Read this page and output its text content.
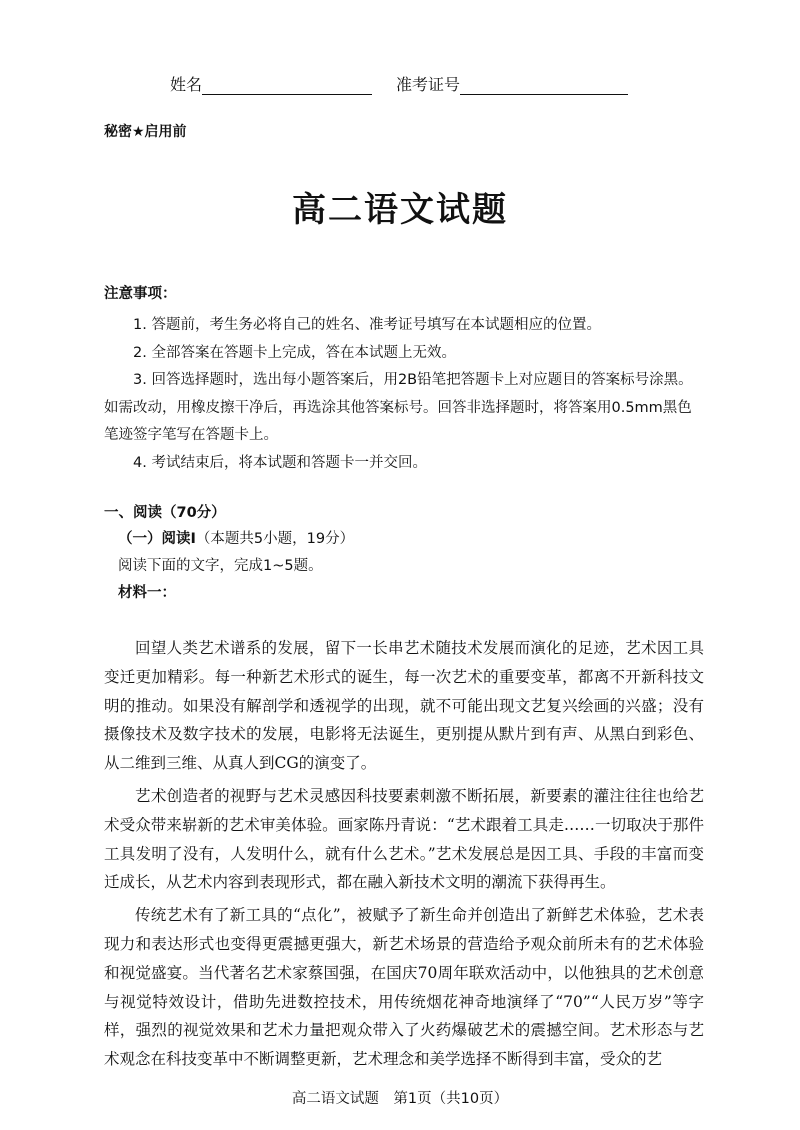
姓名	准考证号
秘密★启用前
高二语文试题
注意事项：
1. 答题前，考生务必将自己的姓名、准考证号填写在本试题相应的位置。
2. 全部答案在答题卡上完成，答在本试题上无效。
3. 回答选择题时，选出每小题答案后，用2B铅笔把答题卡上对应题目的答案标号涂黑。如需改动，用橡皮擦干净后，再选涂其他答案标号。回答非选择题时，将答案用0.5mm黑色笔迹签字笔写在答题卡上。
4. 考试结束后，将本试题和答题卡一并交回。
一、阅读（70分）
（一）阅读Ⅰ（本题共5小题，19分）
阅读下面的文字，完成1~5题。
材料一：

回望人类艺术谱系的发展，留下一长串艺术随技术发展而演化的足迹，艺术因工具变迁更加精彩。每一种新艺术形式的诞生，每一次艺术的重要变革，都离不开新科技文明的推动。如果没有解剖学和透视学的出现，就不可能出现文艺复兴绘画的兴盛；没有摄像技术及数字技术的发展，电影将无法诞生，更别提从默片到有声、从黑白到彩色、从二维到三维、从真人到CG的演变了。

艺术创造者的视野与艺术灵感因科技要素刺激不断拓展，新要素的灌注往往也给艺术受众带来崭新的艺术审美体验。画家陈丹青说：“艺术跟着工具走……一切取决于那件工具发明了没有，人发明什么，就有什么艺术。”艺术发展总是因工具、手段的丰富而变迁成长，从艺术内容到表现形式，都在融入新技术文明的潮流下获得再生。

传统艺术有了新工具的“点化”，被赋予了新生命并创造出了新鲜艺术体验，艺术表现力和表达形式也变得更震撼更强大，新艺术场景的营造给予观众前所未有的艺术体验和视觉盛宴。当代著名艺术家蔡国强，在国庆70周年联欢活动中，以他独具的艺术创意与视觉特效设计，借助先进数控技术，用传统烟花神奇地演绎了“70”“人民万岁”等字样，强烈的视觉效果和艺术力量把观众带入了火药爆破艺术的震撼空间。艺术形态与艺术观念在科技变革中不断调整更新，艺术理念和美学选择不断得到丰富，受众的艺

高二语文试题　第1页（共10页）
